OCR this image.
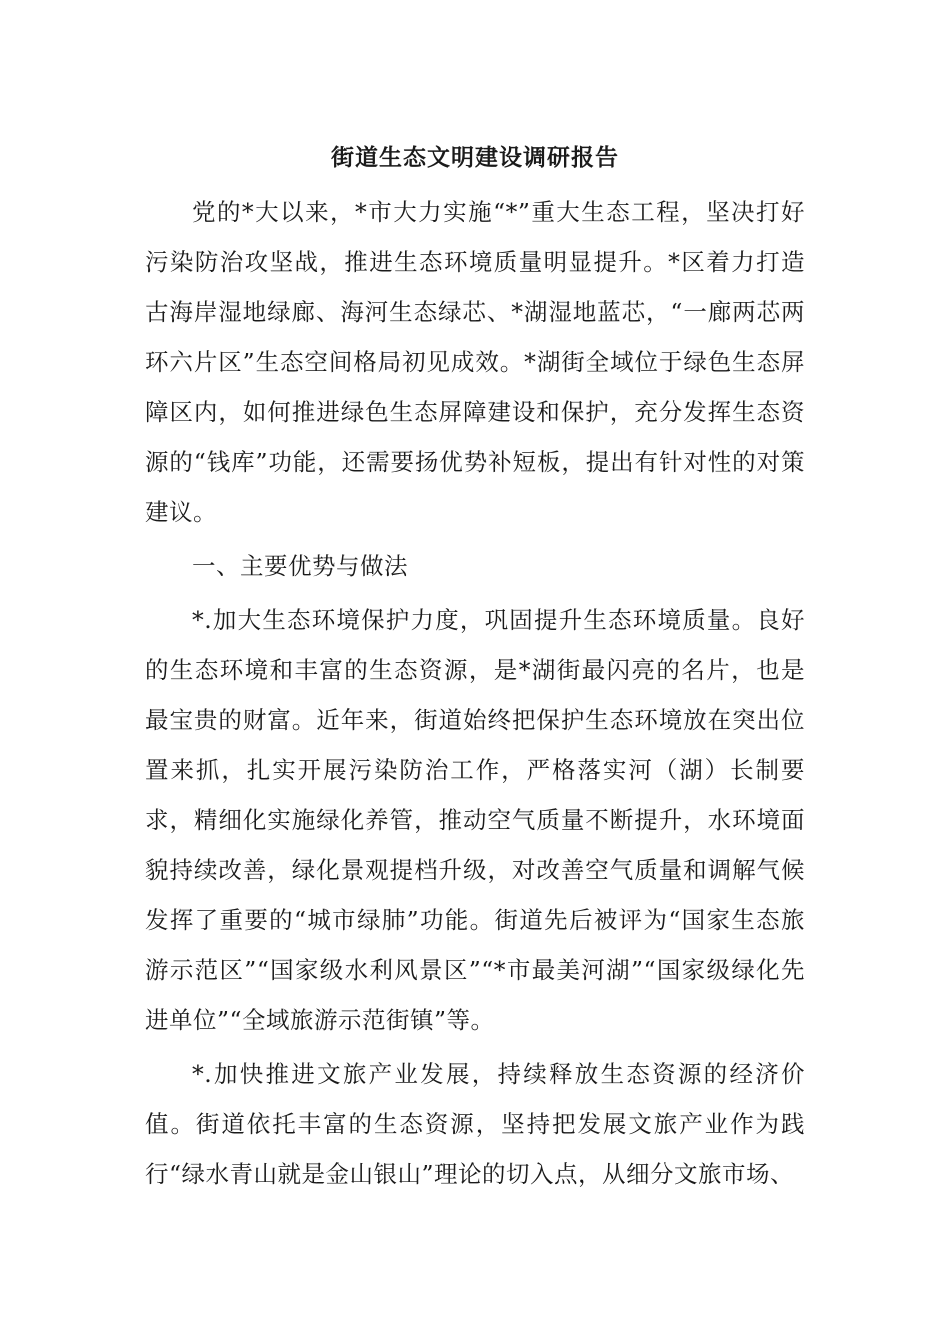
街道生态文明建设调研报告
党的*大以来，*市大力实施“*”重大生态工程，坚决打好污染防治攻坚战，推进生态环境质量明显提升。*区着力打造古海岸湿地绿廊、海河生态绿芯、*湖湿地蓝芯，“一廊两芯两环六片区”生态空间格局初见成效。*湖街全域位于绿色生态屏障区内，如何推进绿色生态屏障建设和保护，充分发挥生态资源的“钱库”功能，还需要扬优势补短板，提出有针对性的对策建议。
一、主要优势与做法
*.加大生态环境保护力度，巩固提升生态环境质量。良好的生态环境和丰富的生态资源，是*湖街最闪亮的名片，也是最宝贵的财富。近年来，街道始终把保护生态环境放在突出位置来抓，扎实开展污染防治工作，严格落实河（湖）长制要求，精细化实施绿化养管，推动空气质量不断提升，水环境面貌持续改善，绿化景观提档升级，对改善空气质量和调解气候发挥了重要的“城市绿肺”功能。街道先后被评为“国家生态旅游示范区”“国家级水利风景区”“*市最美河湖”“国家级绿化先进单位”“全域旅游示范街镇”等。
*.加快推进文旅产业发展，持续释放生态资源的经济价值。街道依托丰富的生态资源，坚持把发展文旅产业作为践行“绿水青山就是金山银山”理论的切入点，从细分文旅市场、
